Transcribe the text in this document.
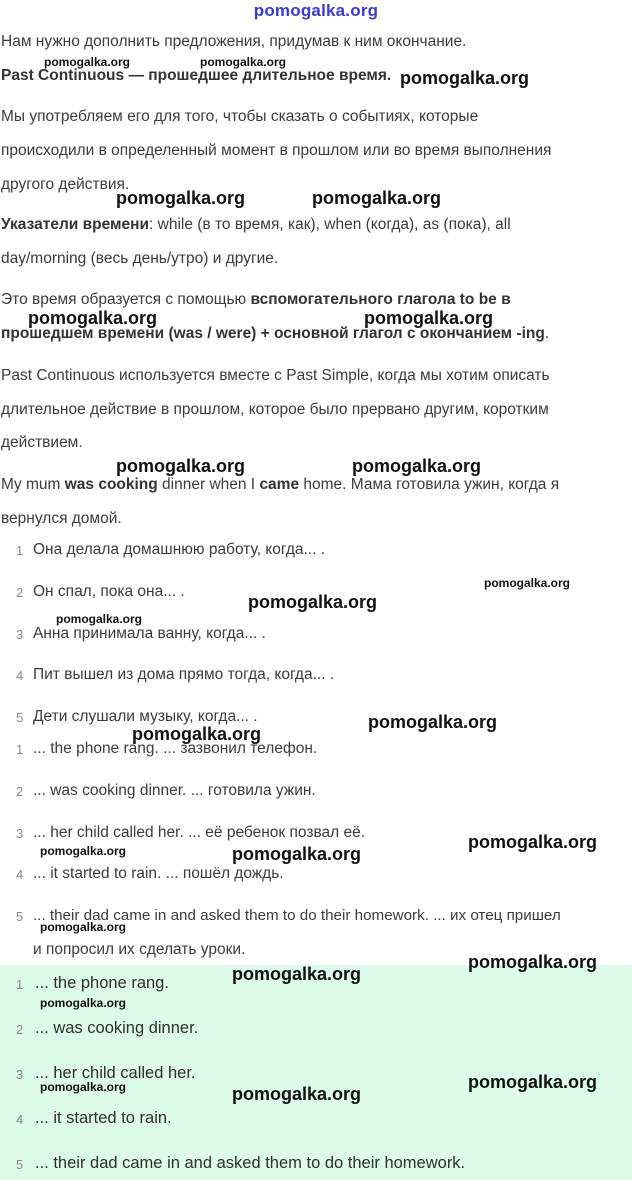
pomogalka.org
Нам нужно дополнить предложения, придумав к ним окончание.
Past Continuous — прошедшее длительное время.
Мы употребляем его для того, чтобы сказать о событиях, которые
происходили в определенный момент в прошлом или во время выполнения
другого действия.
Указатели времени: while (в то время, как), when (когда), as (пока), all
day/morning (весь день/утро) и другие.
Это время образуется с помощью вспомогательного глагола to be в
прошедшем времени (was / were) + основной глагол с окончанием -ing.
Past Continuous используется вместе с Past Simple, когда мы хотим описать
длительное действие в прошлом, которое было прервано другим, коротким
действием.
My mum was cooking dinner when I came home. Мама готовила ужин, когда я
вернулся домой.
1 Она делала домашнюю работу, когда... .
2 Он спал, пока она... .
3 Анна принимала ванну, когда... .
4 Пит вышел из дома прямо тогда, когда... .
5 Дети слушали музыку, когда... .
1 ... the phone rang. ... зазвонил телефон.
2 ... was cooking dinner. ... готовила ужин.
3 ... her child called her. ... её ребенок позвал её.
4 ... it started to rain. ... пошёл дождь.
5 ... their dad came in and asked them to do their homework. ... их отец пришел
и попросил их сделать уроки.
1 ... the phone rang.
2 ... was cooking dinner.
3 ... her child called her.
4 ... it started to rain.
5 ... their dad came in and asked them to do their homework.
pomogalka.org	pomogalka.org
pomogalka.org
pomogalka.org	pomogalka.org
pomogalka.org	pomogalka.org
pomogalka.org	pomogalka.org
pomogalka.org
pomogalka.org
pomogalka.org
pomogalka.org
pomogalka.org
pomogalka.org
pomogalka.org	pomogalka.org
pomogalka.org
pomogalka.org
pomogalka.org
pomogalka.org
pomogalka.org
pomogalka.org	pomogalka.org
